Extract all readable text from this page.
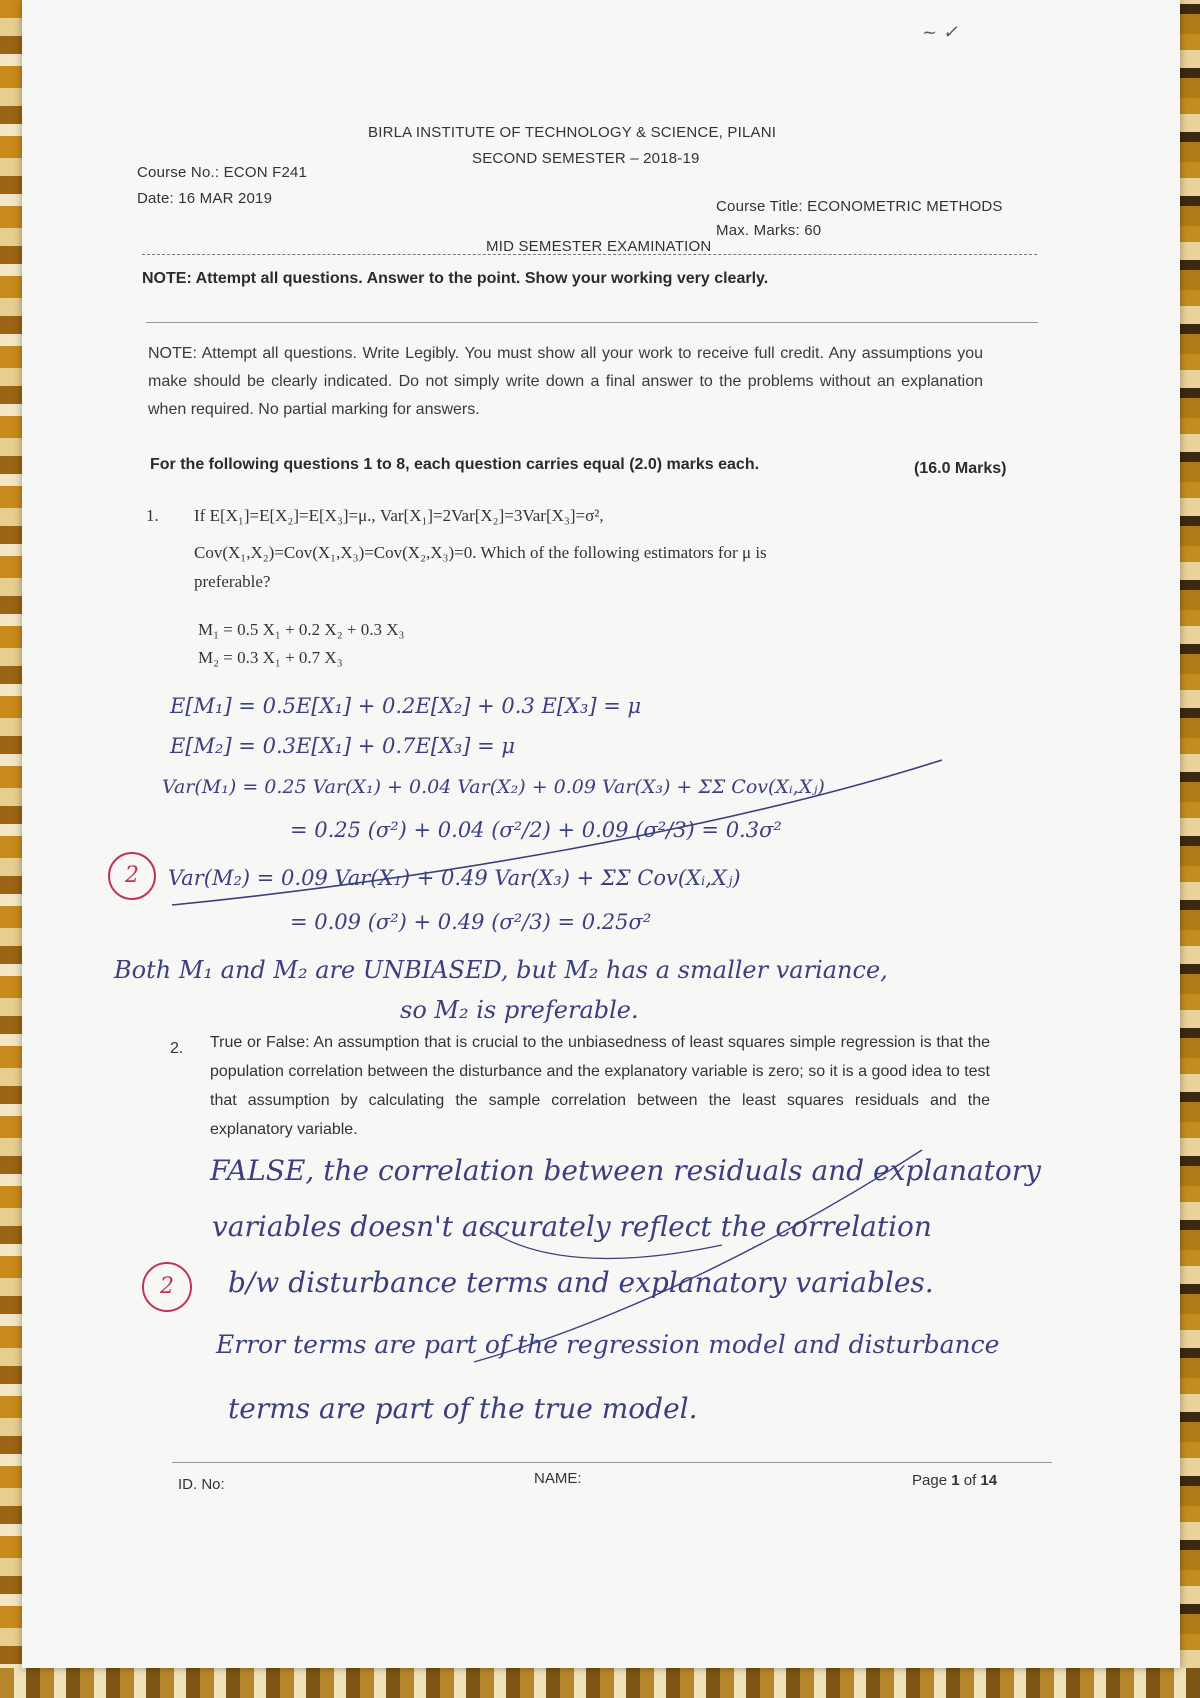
~ ✓
BIRLA INSTITUTE OF TECHNOLOGY & SCIENCE, PILANI
SECOND SEMESTER – 2018-19
Course No.: ECON F241
Date: 16 MAR 2019	Course Title: ECONOMETRIC METHODS
Max. Marks: 60
MID SEMESTER EXAMINATION
NOTE: Attempt all questions. Answer to the point. Show your working very clearly.
NOTE: Attempt all questions. Write Legibly. You must show all your work to receive full credit. Any assumptions you make should be clearly indicated. Do not simply write down a final answer to the problems without an explanation when required. No partial marking for answers.
For the following questions 1 to 8, each question carries equal (2.0) marks each.	(16.0 Marks)
1. If E[X₁]=E[X₂]=E[X₃]=μ., Var[X₁]=2Var[X₂]=3Var[X₃]=σ²,
Cov(X₁,X₂)=Cov(X₁,X₃)=Cov(X₂,X₃)=0. Which of the following estimators for μ is
preferable?
M₁ = 0.5 X₁ + 0.2 X₂ + 0.3 X₃
M₂ = 0.3 X₁ + 0.7 X₃
E[M₁] = 0.5E[X₁] + 0.2E[X₂] + 0.3 E[X₃] = μ
E[M₂] = 0.3E[X₁] + 0.7E[X₃] = μ
Var(M₁) = 0.25 Var(X₁) + 0.04 Var(X₂) + 0.09 Var(X₃) + ΣΣ Cov(Xᵢ,Xⱼ)
= 0.25 (σ²) + 0.04 (σ²/2) + 0.09 (σ²/3) = 0.3σ²
2	Var(M₂) = 0.09 Var(X₁) + 0.49 Var(X₃) + ΣΣ Cov(Xᵢ,Xⱼ)
= 0.09 (σ²) + 0.49 (σ²/3) = 0.25σ²
Both M₁ and M₂ are UNBIASED, but M₂ has a smaller variance,
so M₂ is preferable.
2. True or False: An assumption that is crucial to the unbiasedness of least squares simple regression is that the population correlation between the disturbance and the explanatory variable is zero; so it is a good idea to test that assumption by calculating the sample correlation between the least squares residuals and the explanatory variable.
FALSE, the correlation between residuals and explanatory
variables doesn't accurately reflect the correlation
2	b/w disturbance terms and explanatory variables.
Error terms are part of the regression model and disturbance
terms are part of the true model.
ID. No:	NAME:	Page 1 of 14
